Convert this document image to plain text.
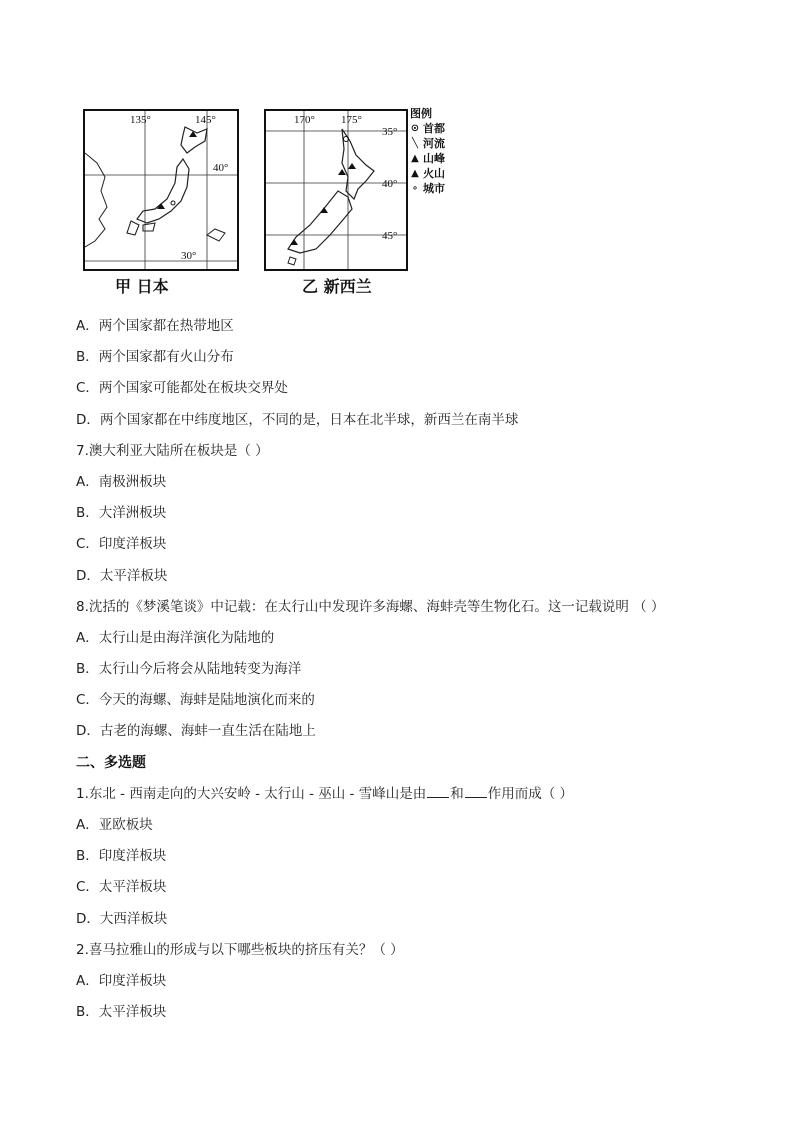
135°	145°
40°
30°
甲 日本
170° 175°
35°
40°
45°
乙 新西兰
图例
⊙ 首都
╲ 河流
▲ 山峰
▲ 火山
∘ 城市
A．两个国家都在热带地区
B．两个国家都有火山分布
C．两个国家可能都处在板块交界处
D．两个国家都在中纬度地区，不同的是，日本在北半球，新西兰在南半球
7.澳大利亚大陆所在板块是（ ）
A．南极洲板块
B．大洋洲板块
C．印度洋板块
D．太平洋板块
8.沈括的《梦溪笔谈》中记载：在太行山中发现许多海螺、海蚌壳等生物化石。这一记载说明 （ ）
A．太行山是由海洋演化为陆地的
B．太行山今后将会从陆地转变为海洋
C．今天的海螺、海蚌是陆地演化而来的
D．古老的海螺、海蚌一直生活在陆地上
二、多选题
1.东北 - 西南走向的大兴安岭 - 太行山 - 巫山 - 雪峰山是由 和 作用而成（ ）
A．亚欧板块
B．印度洋板块
C．太平洋板块
D．大西洋板块
2.喜马拉雅山的形成与以下哪些板块的挤压有关？（ ）
A．印度洋板块
B．太平洋板块
